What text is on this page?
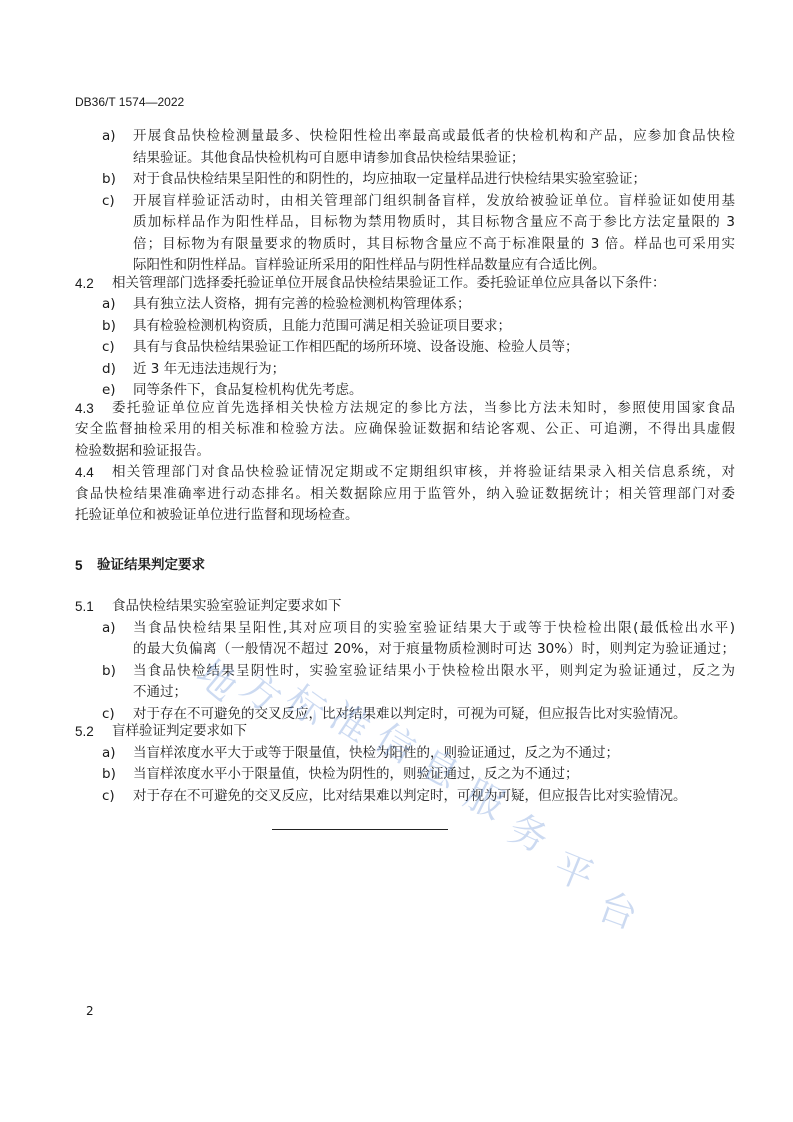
DB36/T 1574—2022
a)	开展食品快检检测量最多、快检阳性检出率最高或最低者的快检机构和产品，应参加食品快检
结果验证。其他食品快检机构可自愿申请参加食品快检结果验证；
b)	对于食品快检结果呈阳性的和阴性的，均应抽取一定量样品进行快检结果实验室验证；
c)	开展盲样验证活动时，由相关管理部门组织制备盲样，发放给被验证单位。盲样验证如使用基
质加标样品作为阳性样品，目标物为禁用物质时，其目标物含量应不高于参比方法定量限的 3
倍；目标物为有限量要求的物质时，其目标物含量应不高于标准限量的 3 倍。样品也可采用实
际阳性和阴性样品。盲样验证所采用的阳性样品与阴性样品数量应有合适比例。
4.2	相关管理部门选择委托验证单位开展食品快检结果验证工作。委托验证单位应具备以下条件：
a)	具有独立法人资格，拥有完善的检验检测机构管理体系；
b)	具有检验检测机构资质，且能力范围可满足相关验证项目要求；
c)	具有与食品快检结果验证工作相匹配的场所环境、设备设施、检验人员等；
d)	近 3 年无违法违规行为；
e)	同等条件下，食品复检机构优先考虑。
4.3	委托验证单位应首先选择相关快检方法规定的参比方法，当参比方法未知时，参照使用国家食品
安全监督抽检采用的相关标准和检验方法。应确保验证数据和结论客观、公正、可追溯，不得出具虚假
检验数据和验证报告。
4.4	相关管理部门对食品快检验证情况定期或不定期组织审核，并将验证结果录入相关信息系统，对
食品快检结果准确率进行动态排名。相关数据除应用于监管外，纳入验证数据统计；相关管理部门对委
托验证单位和被验证单位进行监督和现场检查。
5	验证结果判定要求
5.1	食品快检结果实验室验证判定要求如下
a)	当食品快检结果呈阳性,其对应项目的实验室验证结果大于或等于快检检出限(最低检出水平)
的最大负偏离（一般情况不超过 20%，对于痕量物质检测时可达 30%）时，则判定为验证通过；
b)	当食品快检结果呈阴性时，实验室验证结果小于快检检出限水平，则判定为验证通过，反之为
不通过；
c)	对于存在不可避免的交叉反应，比对结果难以判定时，可视为可疑，但应报告比对实验情况。
5.2	盲样验证判定要求如下
a)	当盲样浓度水平大于或等于限量值，快检为阳性的，则验证通过，反之为不通过；
b)	当盲样浓度水平小于限量值，快检为阴性的，则验证通过，反之为不通过；
c)	对于存在不可避免的交叉反应，比对结果难以判定时，可视为可疑，但应报告比对实验情况。
地
方
标
准
信
息
服
务
平
台
2
